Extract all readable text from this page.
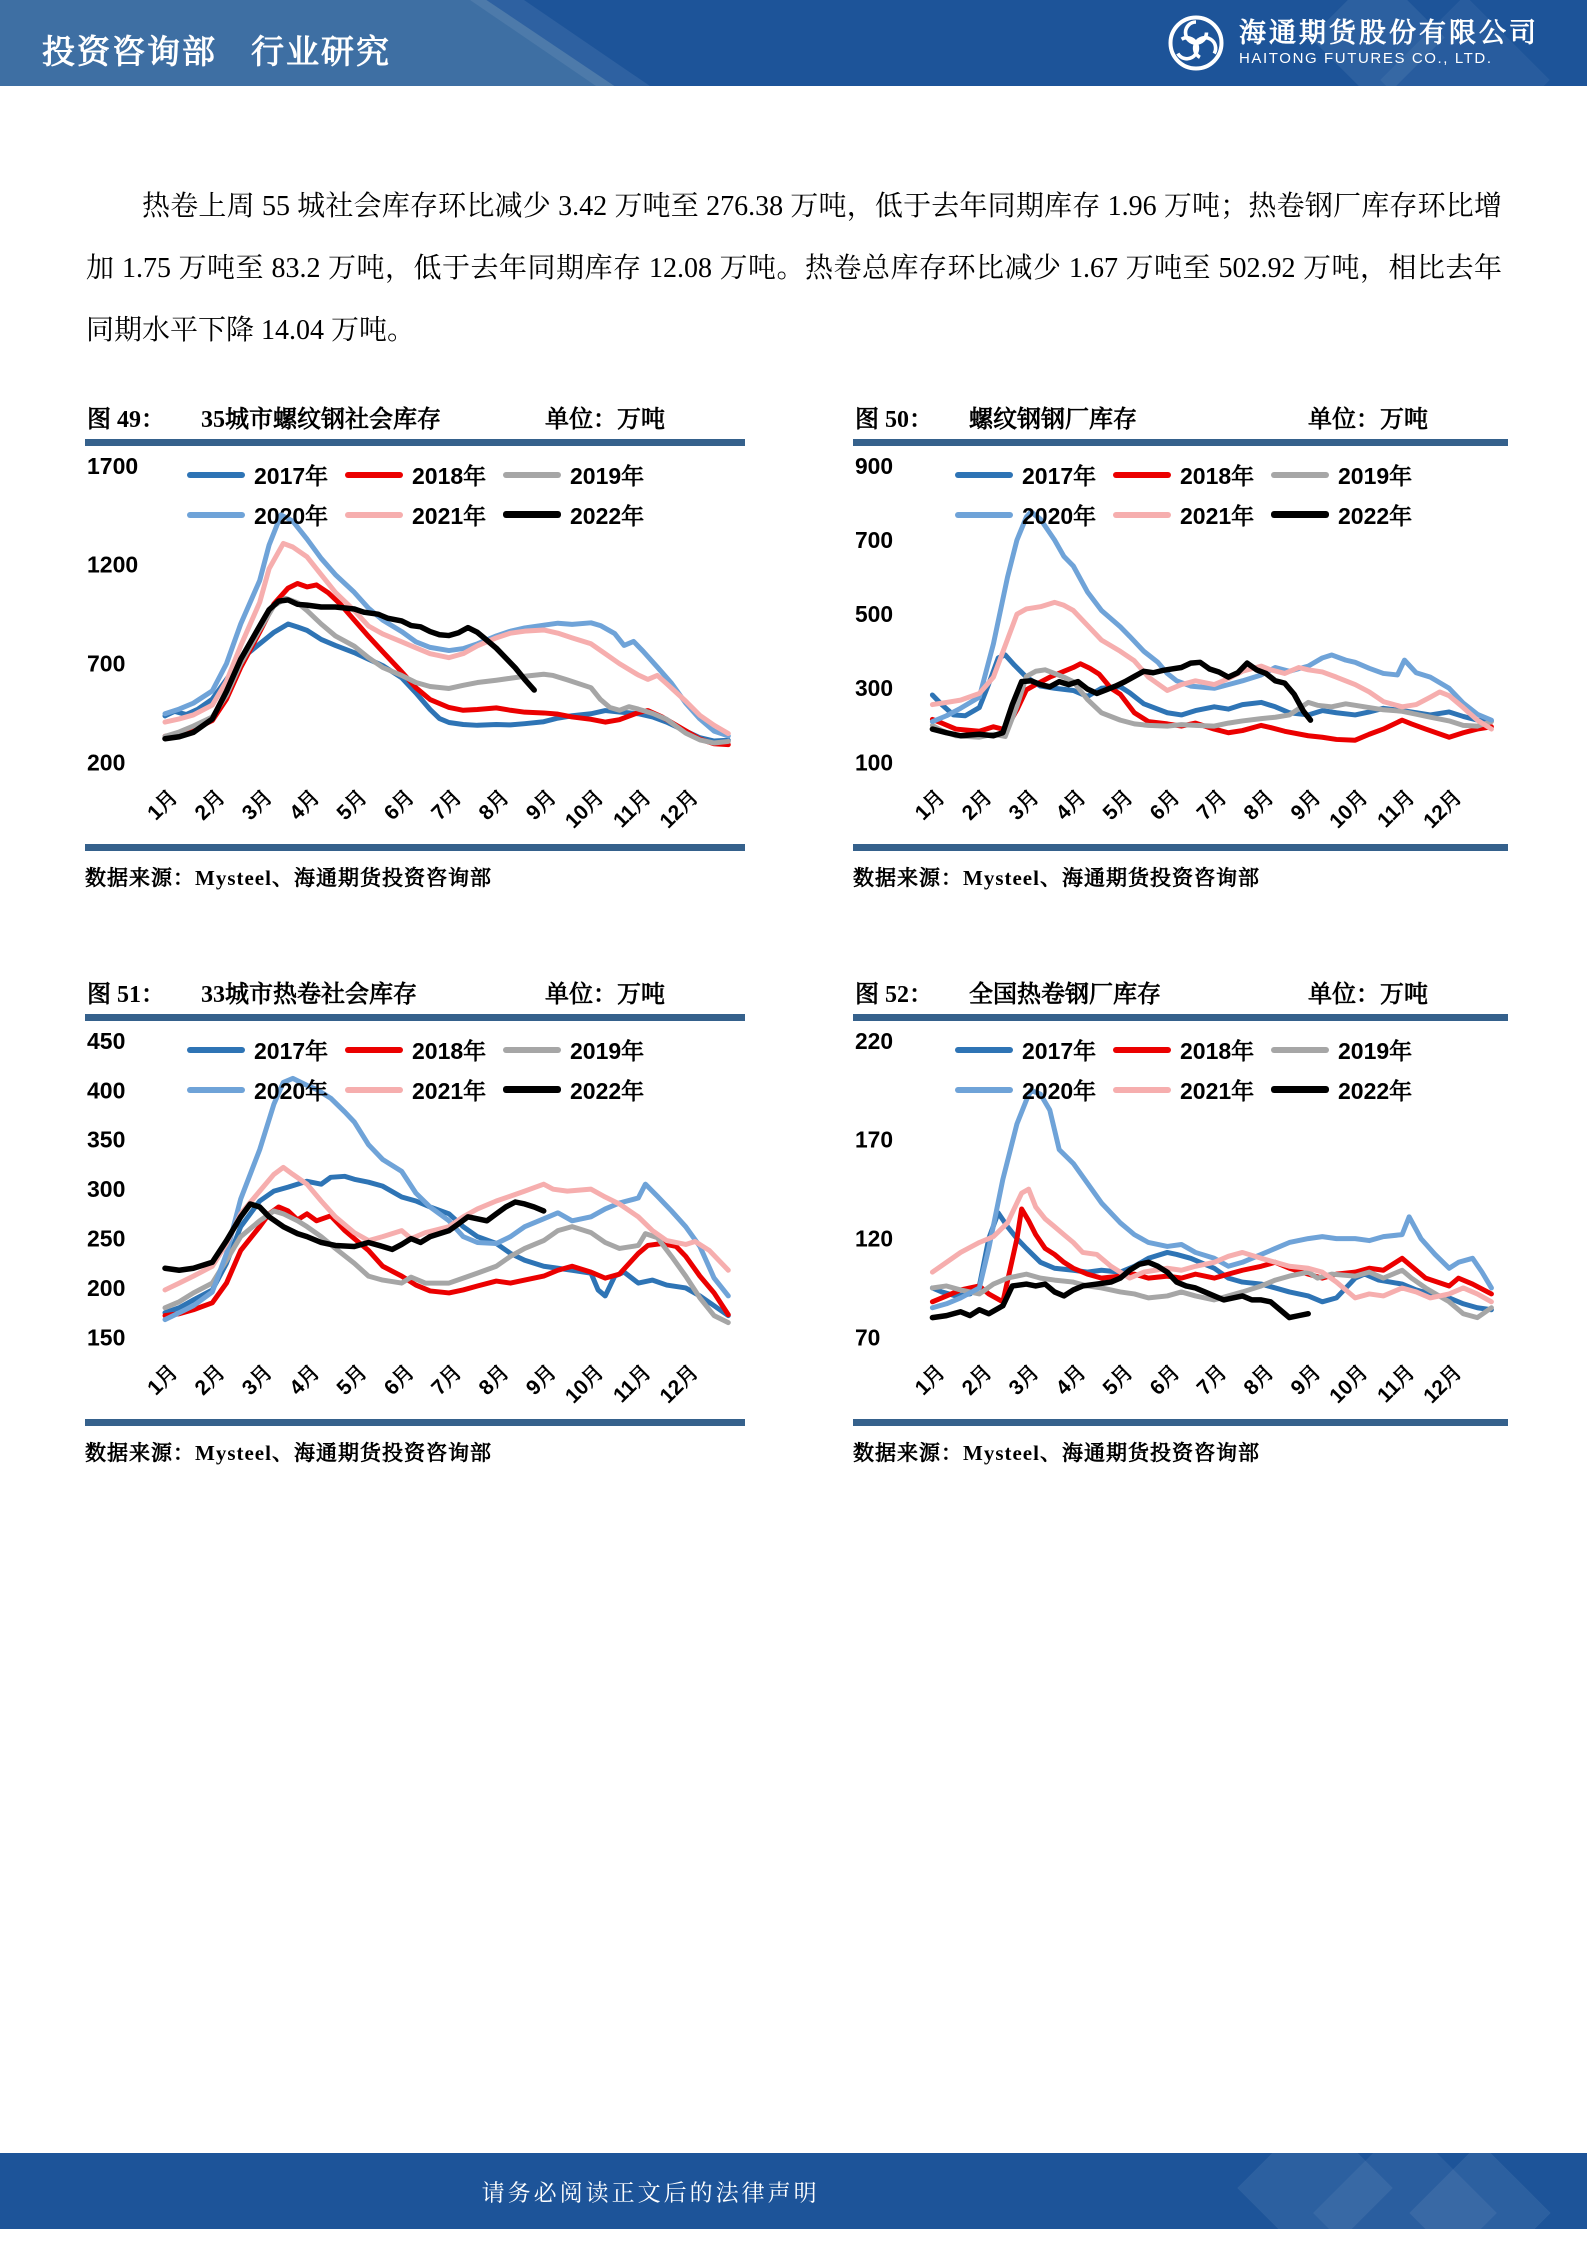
投资咨询部 行业研究	海通期货股份有限公司
HAITONG FUTURES CO., LTD.

热卷上周 55 城社会库存环比减少 3.42 万吨至 276.38 万吨，低于去年同期库存 1.96 万吨；热卷钢厂库存环比增加 1.75 万吨至 83.2 万吨，低于去年同期库存 12.08 万吨。热卷总库存环比减少 1.67 万吨至 502.92 万吨，相比去年同期水平下降 14.04 万吨。

图 49： 35城市螺纹钢社会库存	单位：万吨
1700
1200
700
200
1月 2月 3月 4月 5月 6月 7月 8月 9月 10月 11月 12月
2017年	2018年	2019年
2020年	2021年	2022年
数据来源：Mysteel、海通期货投资咨询部
图 50： 螺纹钢钢厂库存	单位：万吨
900
700
500
300
100
1月 2月 3月 4月 5月 6月 7月 8月 9月 10月 11月 12月
2017年	2018年	2019年
2020年	2021年	2022年
数据来源：Mysteel、海通期货投资咨询部
图 51： 33城市热卷社会库存	单位：万吨
450
400
350
300
250
200
150
1月 2月 3月 4月 5月 6月 7月 8月 9月 10月 11月 12月
2017年	2018年	2019年
2020年	2021年	2022年
数据来源：Mysteel、海通期货投资咨询部
图 52： 全国热卷钢厂库存	单位：万吨
220
170
120
70
1月 2月 3月 4月 5月 6月 7月 8月 9月 10月 11月 12月
2017年	2018年	2019年
2020年	2021年	2022年
数据来源：Mysteel、海通期货投资咨询部
请务必阅读正文后的法律声明
